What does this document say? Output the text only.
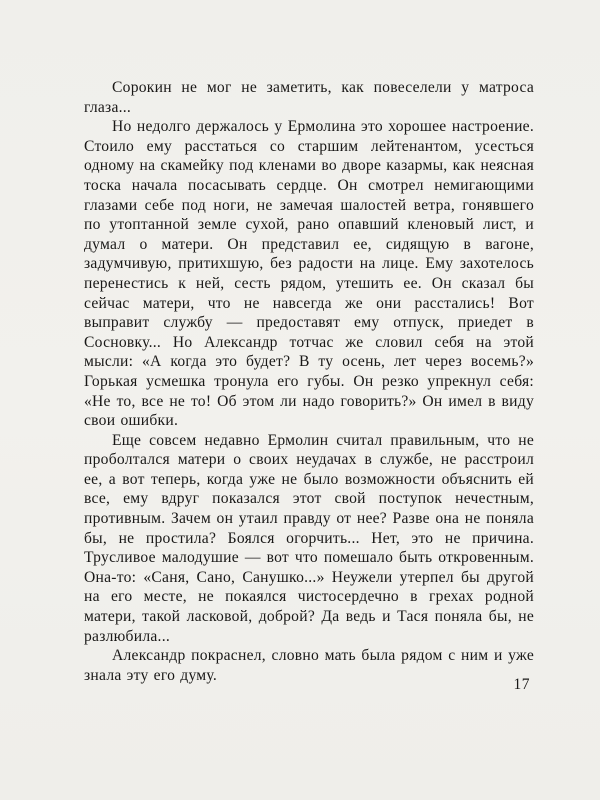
Сорокин не мог не заметить, как повеселели у матроса глаза...

Но недолго держалось у Ермолина это хорошее настроение. Стоило ему расстаться со старшим лейтенантом, усесться одному на скамейку под кленами во дворе казармы, как неясная тоска начала посасывать сердце. Он смотрел немигающими глазами себе под ноги, не замечая шалостей ветра, гонявшего по утоптанной земле сухой, рано опавший кленовый лист, и думал о матери. Он представил ее, сидящую в вагоне, задумчивую, притихшую, без радости на лице. Ему захотелось перенестись к ней, сесть рядом, утешить ее. Он сказал бы сейчас матери, что не навсегда же они расстались! Вот выправит службу — предоставят ему отпуск, приедет в Сосновку... Но Александр тотчас же словил себя на этой мысли: «А когда это будет? В ту осень, лет через восемь?» Горькая усмешка тронула его губы. Он резко упрекнул себя: «Не то, все не то! Об этом ли надо говорить?» Он имел в виду свои ошибки.

Еще совсем недавно Ермолин считал правильным, что не проболтался матери о своих неудачах в службе, не расстроил ее, а вот теперь, когда уже не было возможности объяснить ей все, ему вдруг показался этот свой поступок нечестным, противным. Зачем он утаил правду от нее? Разве она не поняла бы, не простила? Боялся огорчить... Нет, это не причина. Трусливое малодушие — вот что помешало быть откровенным. Она-то: «Саня, Сано, Санушко...» Неужели утерпел бы другой на его месте, не покаялся чистосердечно в грехах родной матери, такой ласковой, доброй? Да ведь и Тася поняла бы, не разлюбила...

Александр покраснел, словно мать была рядом с ним и уже знала эту его думу.

17
